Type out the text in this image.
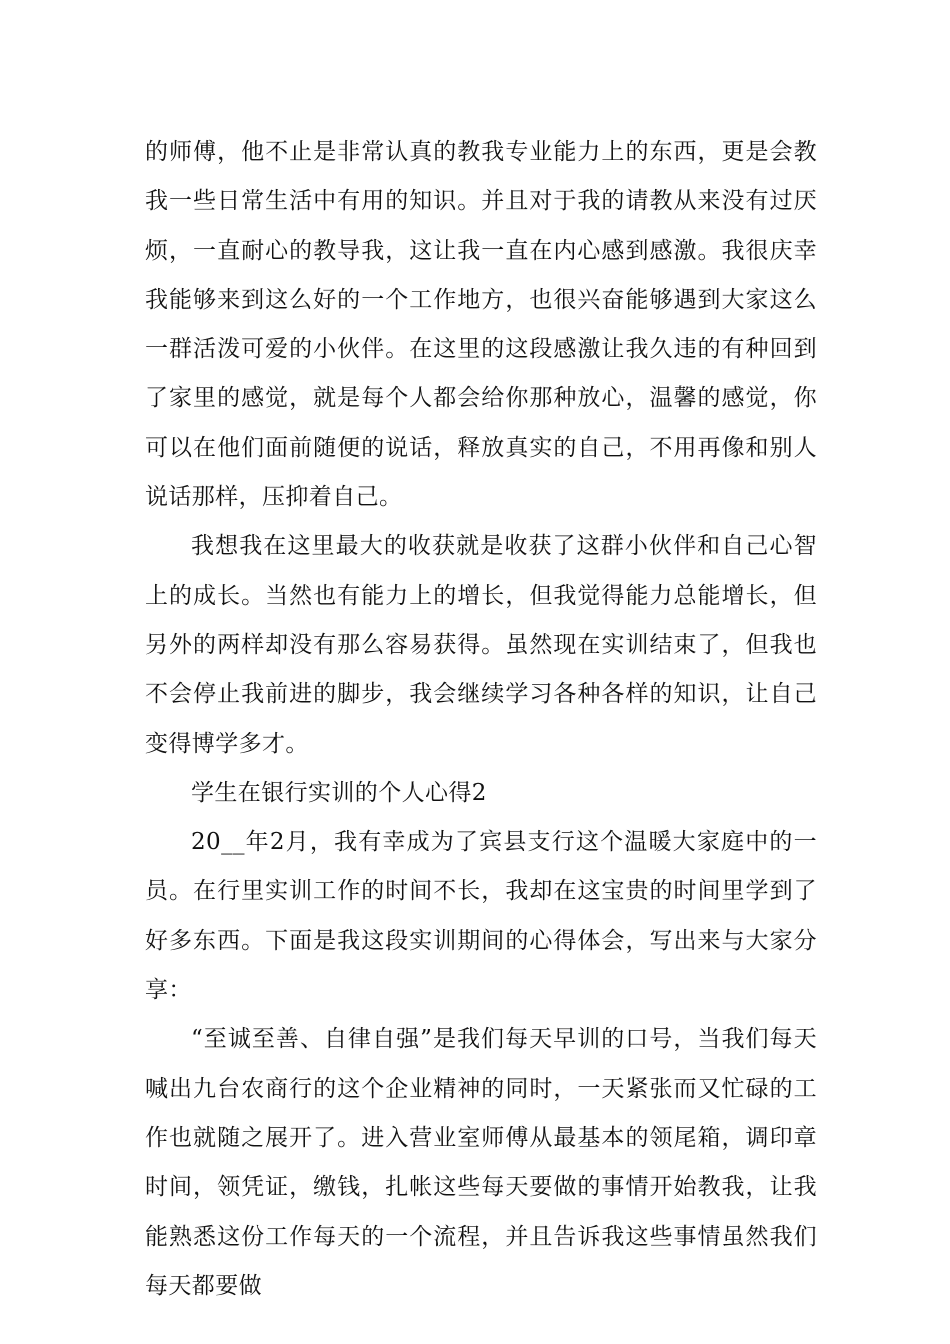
的师傅，他不止是非常认真的教我专业能力上的东西，更是会教我一些日常生活中有用的知识。并且对于我的请教从来没有过厌烦，一直耐心的教导我，这让我一直在内心感到感激。我很庆幸我能够来到这么好的一个工作地方，也很兴奋能够遇到大家这么一群活泼可爱的小伙伴。在这里的这段感激让我久违的有种回到了家里的感觉，就是每个人都会给你那种放心，温馨的感觉，你可以在他们面前随便的说话，释放真实的自己，不用再像和别人说话那样，压抑着自己。

我想我在这里最大的收获就是收获了这群小伙伴和自己心智上的成长。当然也有能力上的增长，但我觉得能力总能增长，但另外的两样却没有那么容易获得。虽然现在实训结束了，但我也不会停止我前进的脚步，我会继续学习各种各样的知识，让自己变得博学多才。

学生在银行实训的个人心得2

20__年2月，我有幸成为了宾县支行这个温暖大家庭中的一员。在行里实训工作的时间不长，我却在这宝贵的时间里学到了好多东西。下面是我这段实训期间的心得体会，写出来与大家分享：

“至诚至善、自律自强”是我们每天早训的口号，当我们每天喊出九台农商行的这个企业精神的同时，一天紧张而又忙碌的工作也就随之展开了。进入营业室师傅从最基本的领尾箱，调印章时间，领凭证，缴钱，扎帐这些每天要做的事情开始教我，让我能熟悉这份工作每天的一个流程，并且告诉我这些事情虽然我们每天都要做
